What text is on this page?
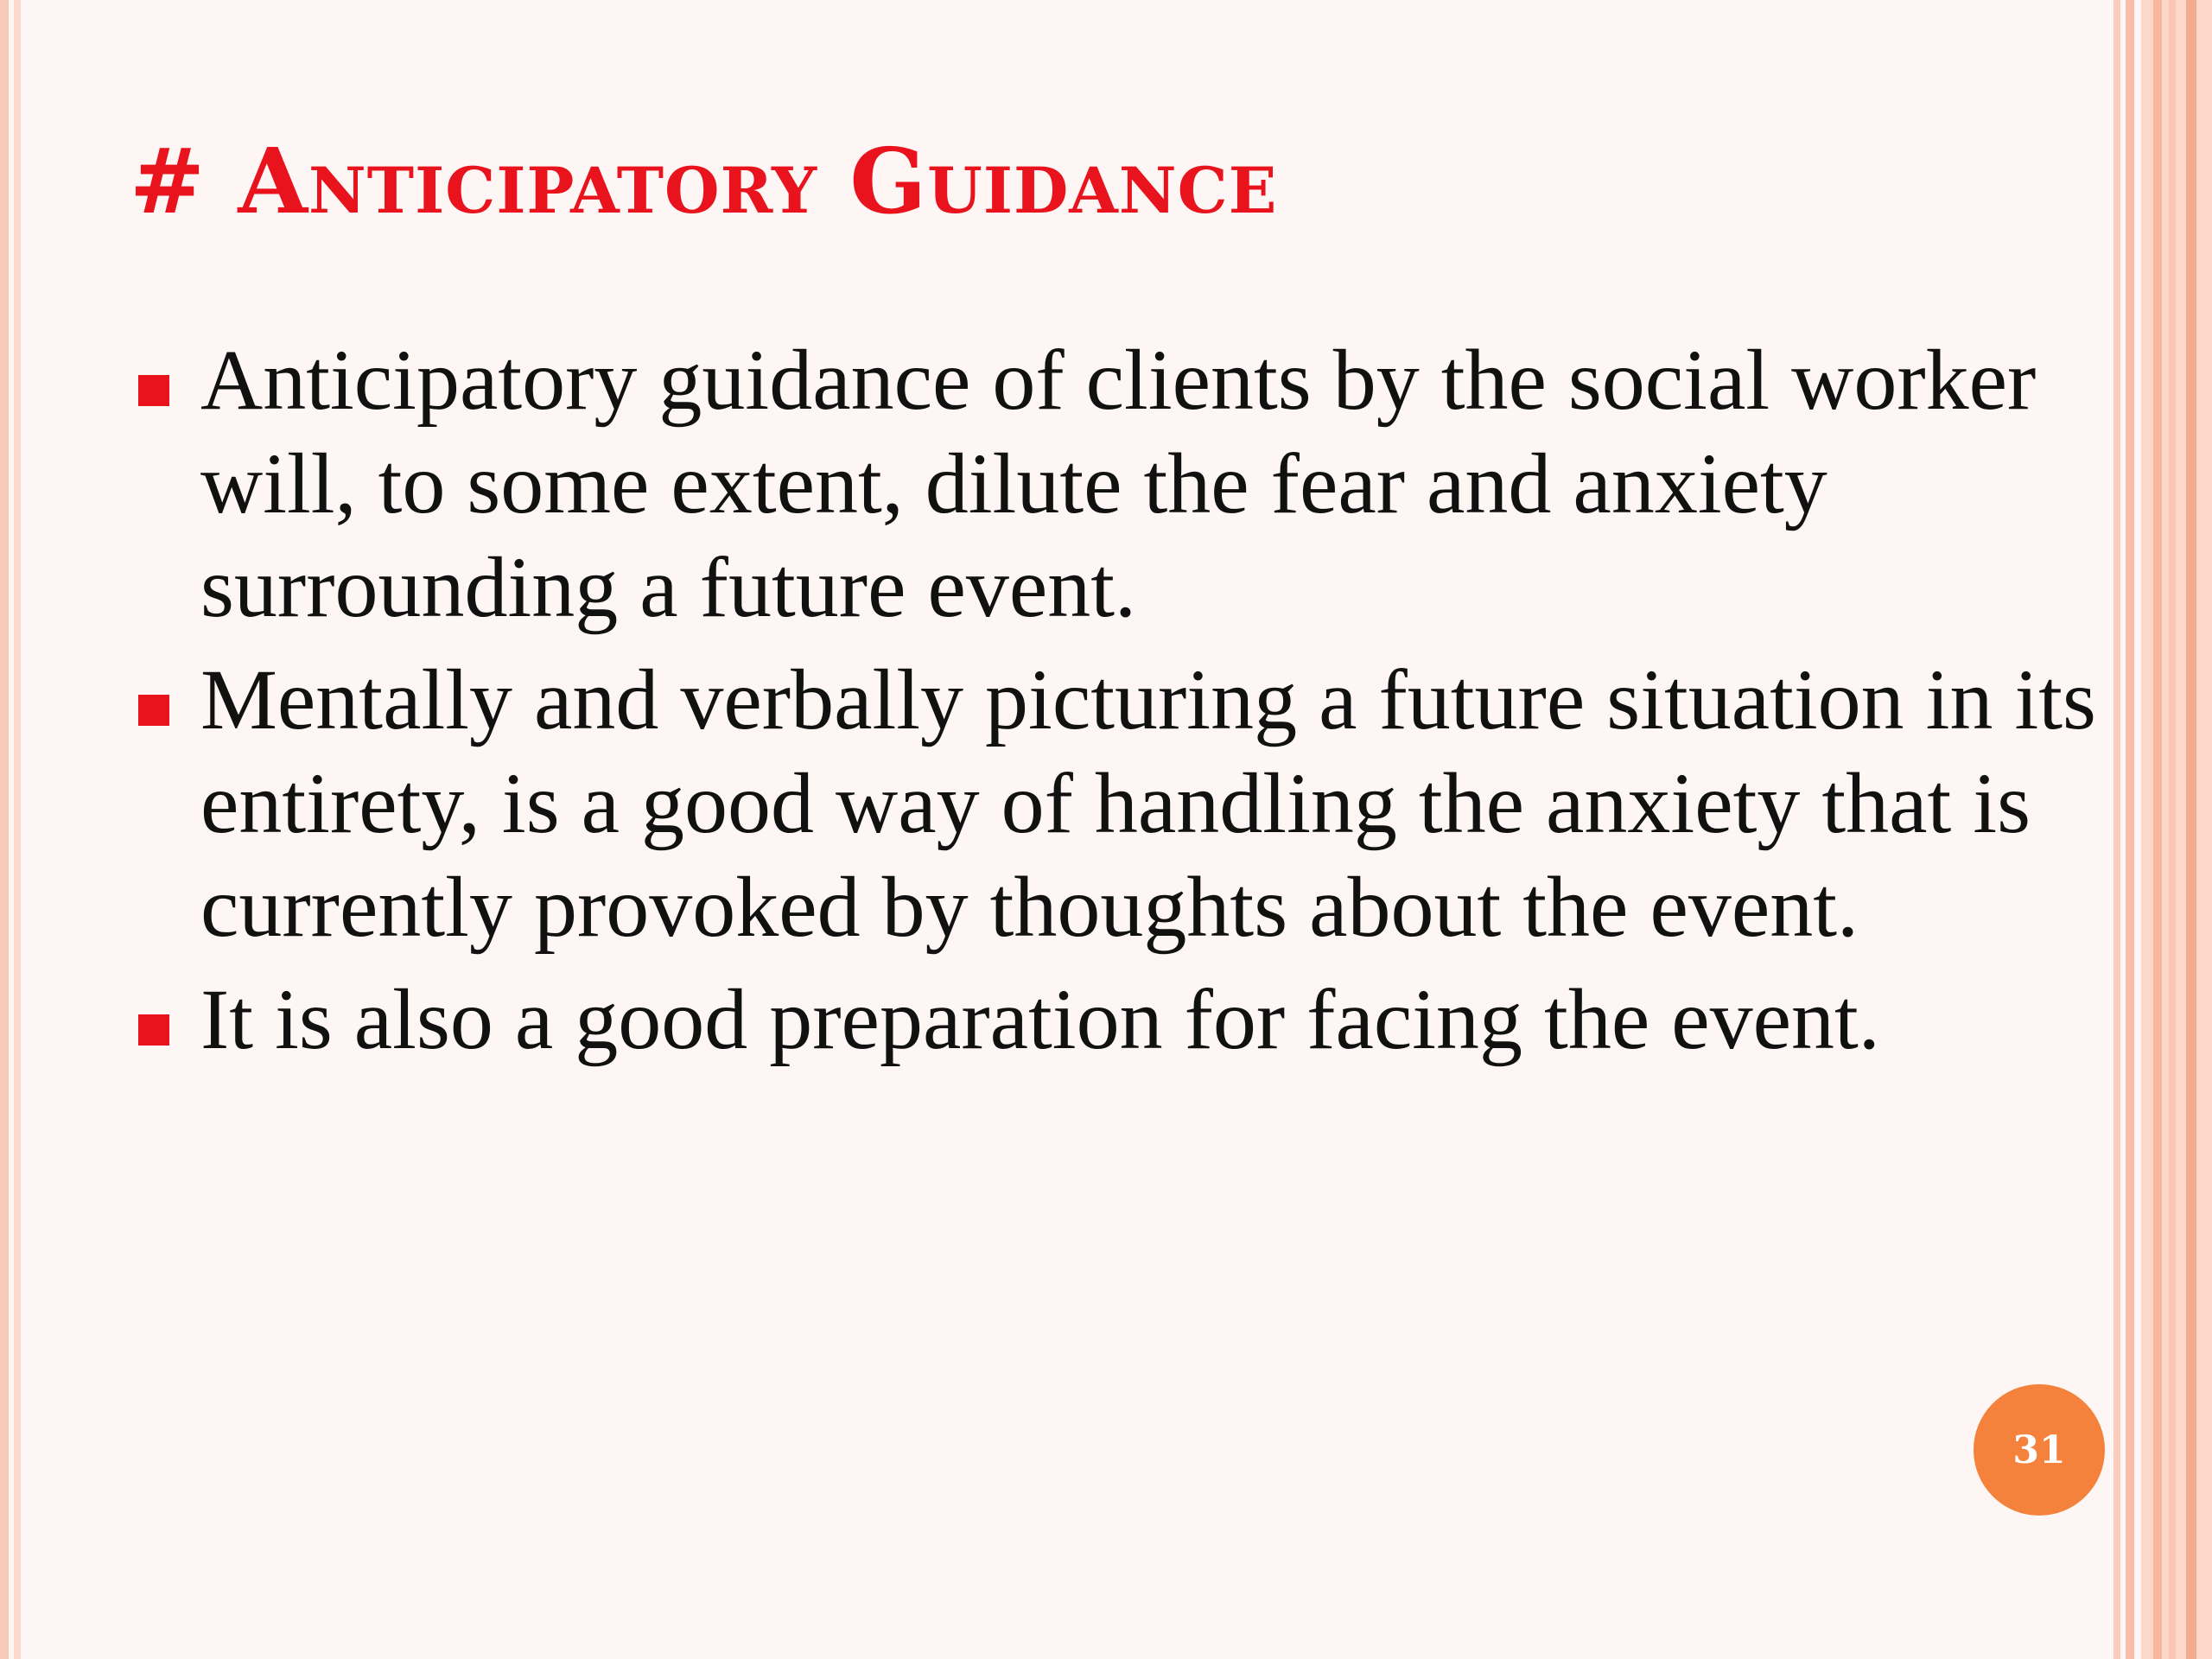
# Anticipatory Guidance
Anticipatory guidance of clients by the social worker will, to some extent, dilute the fear and anxiety surrounding a future event.
Mentally and verbally picturing a future situation in its entirety, is a good way of handling the anxiety that is currently provoked by thoughts about the event.
It is also a good preparation for facing the event.
31
